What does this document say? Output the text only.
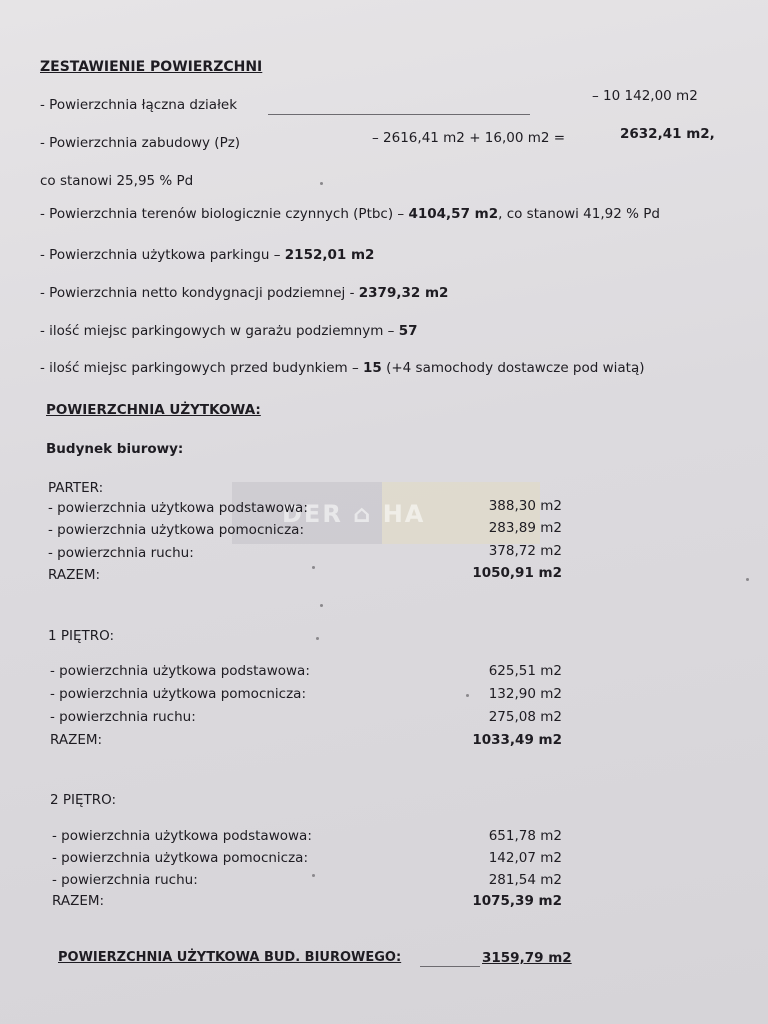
DER ⌂ HA
ZESTAWIENIE POWIERZCHNI
- Powierzchnia łączna działek
– 10 142,00 m2
- Powierzchnia zabudowy (Pz)	– 2616,41 m2 + 16,00 m2 =	2632,41 m2,
co stanowi 25,95 % Pd
- Powierzchnia terenów biologicznie czynnych (Ptbc) – 4104,57 m2, co stanowi 41,92 % Pd
- Powierzchnia użytkowa parkingu – 2152,01 m2
- Powierzchnia netto kondygnacji podziemnej - 2379,32 m2
- ilość miejsc parkingowych w garażu podziemnym – 57
- ilość miejsc parkingowych przed budynkiem – 15 (+4 samochody dostawcze pod wiatą)
POWIERZCHNIA UŻYTKOWA:
Budynek biurowy:
PARTER:
- powierzchnia użytkowa podstawowa:	388,30 m2
- powierzchnia użytkowa pomocnicza:	283,89 m2
- powierzchnia ruchu:	378,72 m2
RAZEM:	1050,91 m2
1 PIĘTRO:
- powierzchnia użytkowa podstawowa:	625,51 m2
- powierzchnia użytkowa pomocnicza:	132,90 m2
- powierzchnia ruchu:	275,08 m2
RAZEM:	1033,49 m2
2 PIĘTRO:
- powierzchnia użytkowa podstawowa:	651,78 m2
- powierzchnia użytkowa pomocnicza:	142,07 m2
- powierzchnia ruchu:	281,54 m2
RAZEM:	1075,39 m2
POWIERZCHNIA UŻYTKOWA BUD. BIUROWEGO:	3159,79 m2
